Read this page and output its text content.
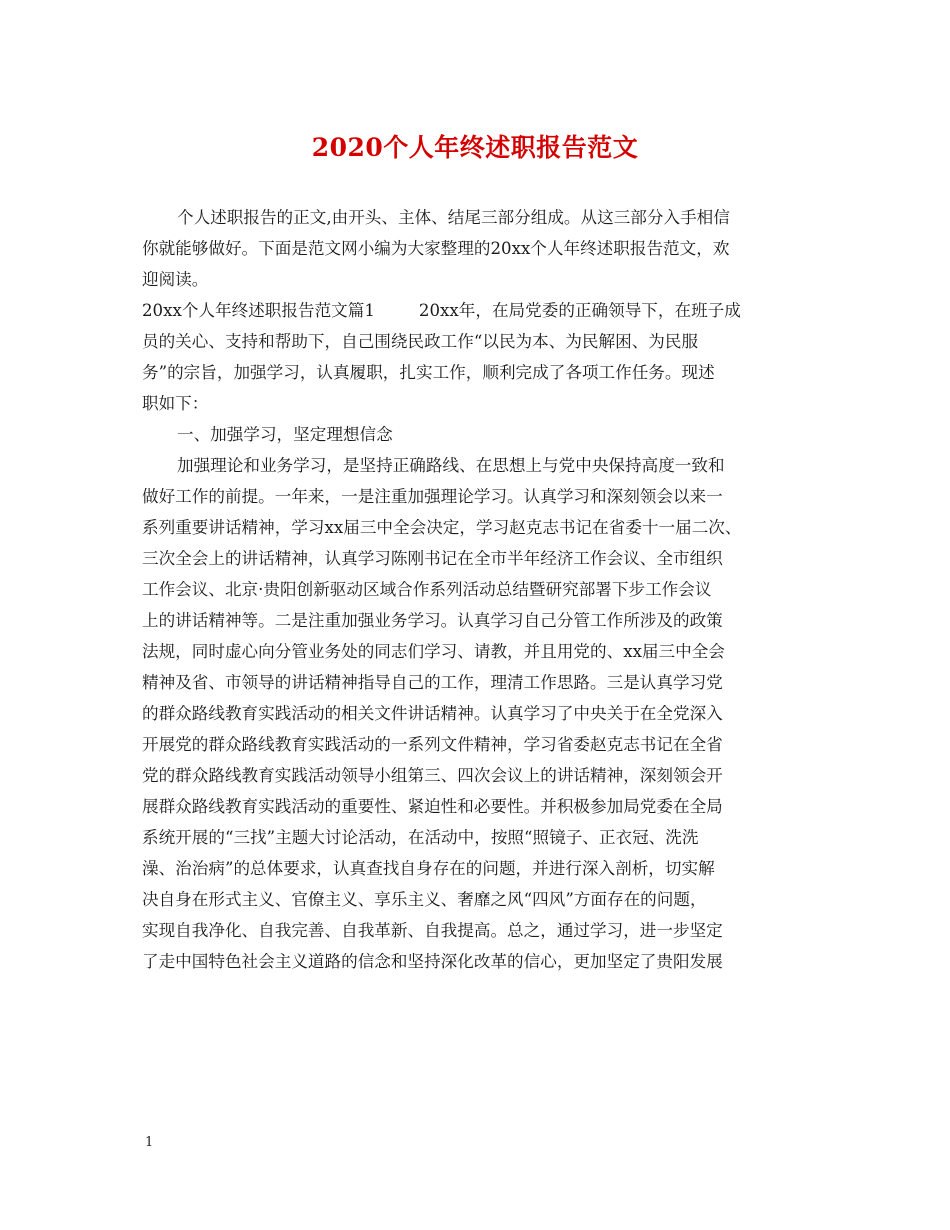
2020个人年终述职报告范文
个人述职报告的正文,由开头、主体、结尾三部分组成。从这三部分入手相信
你就能够做好。下面是范文网小编为大家整理的20xx个人年终述职报告范文，欢
迎阅读。
20xx个人年终述职报告范文篇1	20xx年，在局党委的正确领导下，在班子成
员的关心、支持和帮助下，自己围绕民政工作“以民为本、为民解困、为民服
务”的宗旨，加强学习，认真履职，扎实工作，顺利完成了各项工作任务。现述
职如下：
一、加强学习，坚定理想信念
加强理论和业务学习，是坚持正确路线、在思想上与党中央保持高度一致和
做好工作的前提。一年来，一是注重加强理论学习。认真学习和深刻领会以来一
系列重要讲话精神，学习xx届三中全会决定，学习赵克志书记在省委十一届二次、
三次全会上的讲话精神，认真学习陈刚书记在全市半年经济工作会议、全市组织
工作会议、北京·贵阳创新驱动区域合作系列活动总结暨研究部署下步工作会议
上的讲话精神等。二是注重加强业务学习。认真学习自己分管工作所涉及的政策
法规，同时虚心向分管业务处的同志们学习、请教，并且用党的、xx届三中全会
精神及省、市领导的讲话精神指导自己的工作，理清工作思路。三是认真学习党
的群众路线教育实践活动的相关文件讲话精神。认真学习了中央关于在全党深入
开展党的群众路线教育实践活动的一系列文件精神，学习省委赵克志书记在全省
党的群众路线教育实践活动领导小组第三、四次会议上的讲话精神，深刻领会开
展群众路线教育实践活动的重要性、紧迫性和必要性。并积极参加局党委在全局
系统开展的“三找”主题大讨论活动，在活动中，按照“照镜子、正衣冠、洗洗
澡、治治病”的总体要求，认真查找自身存在的问题，并进行深入剖析，切实解
决自身在形式主义、官僚主义、享乐主义、奢靡之风“四风”方面存在的问题，
实现自我净化、自我完善、自我革新、自我提高。总之，通过学习，进一步坚定
了走中国特色社会主义道路的信念和坚持深化改革的信心，更加坚定了贵阳发展
1
